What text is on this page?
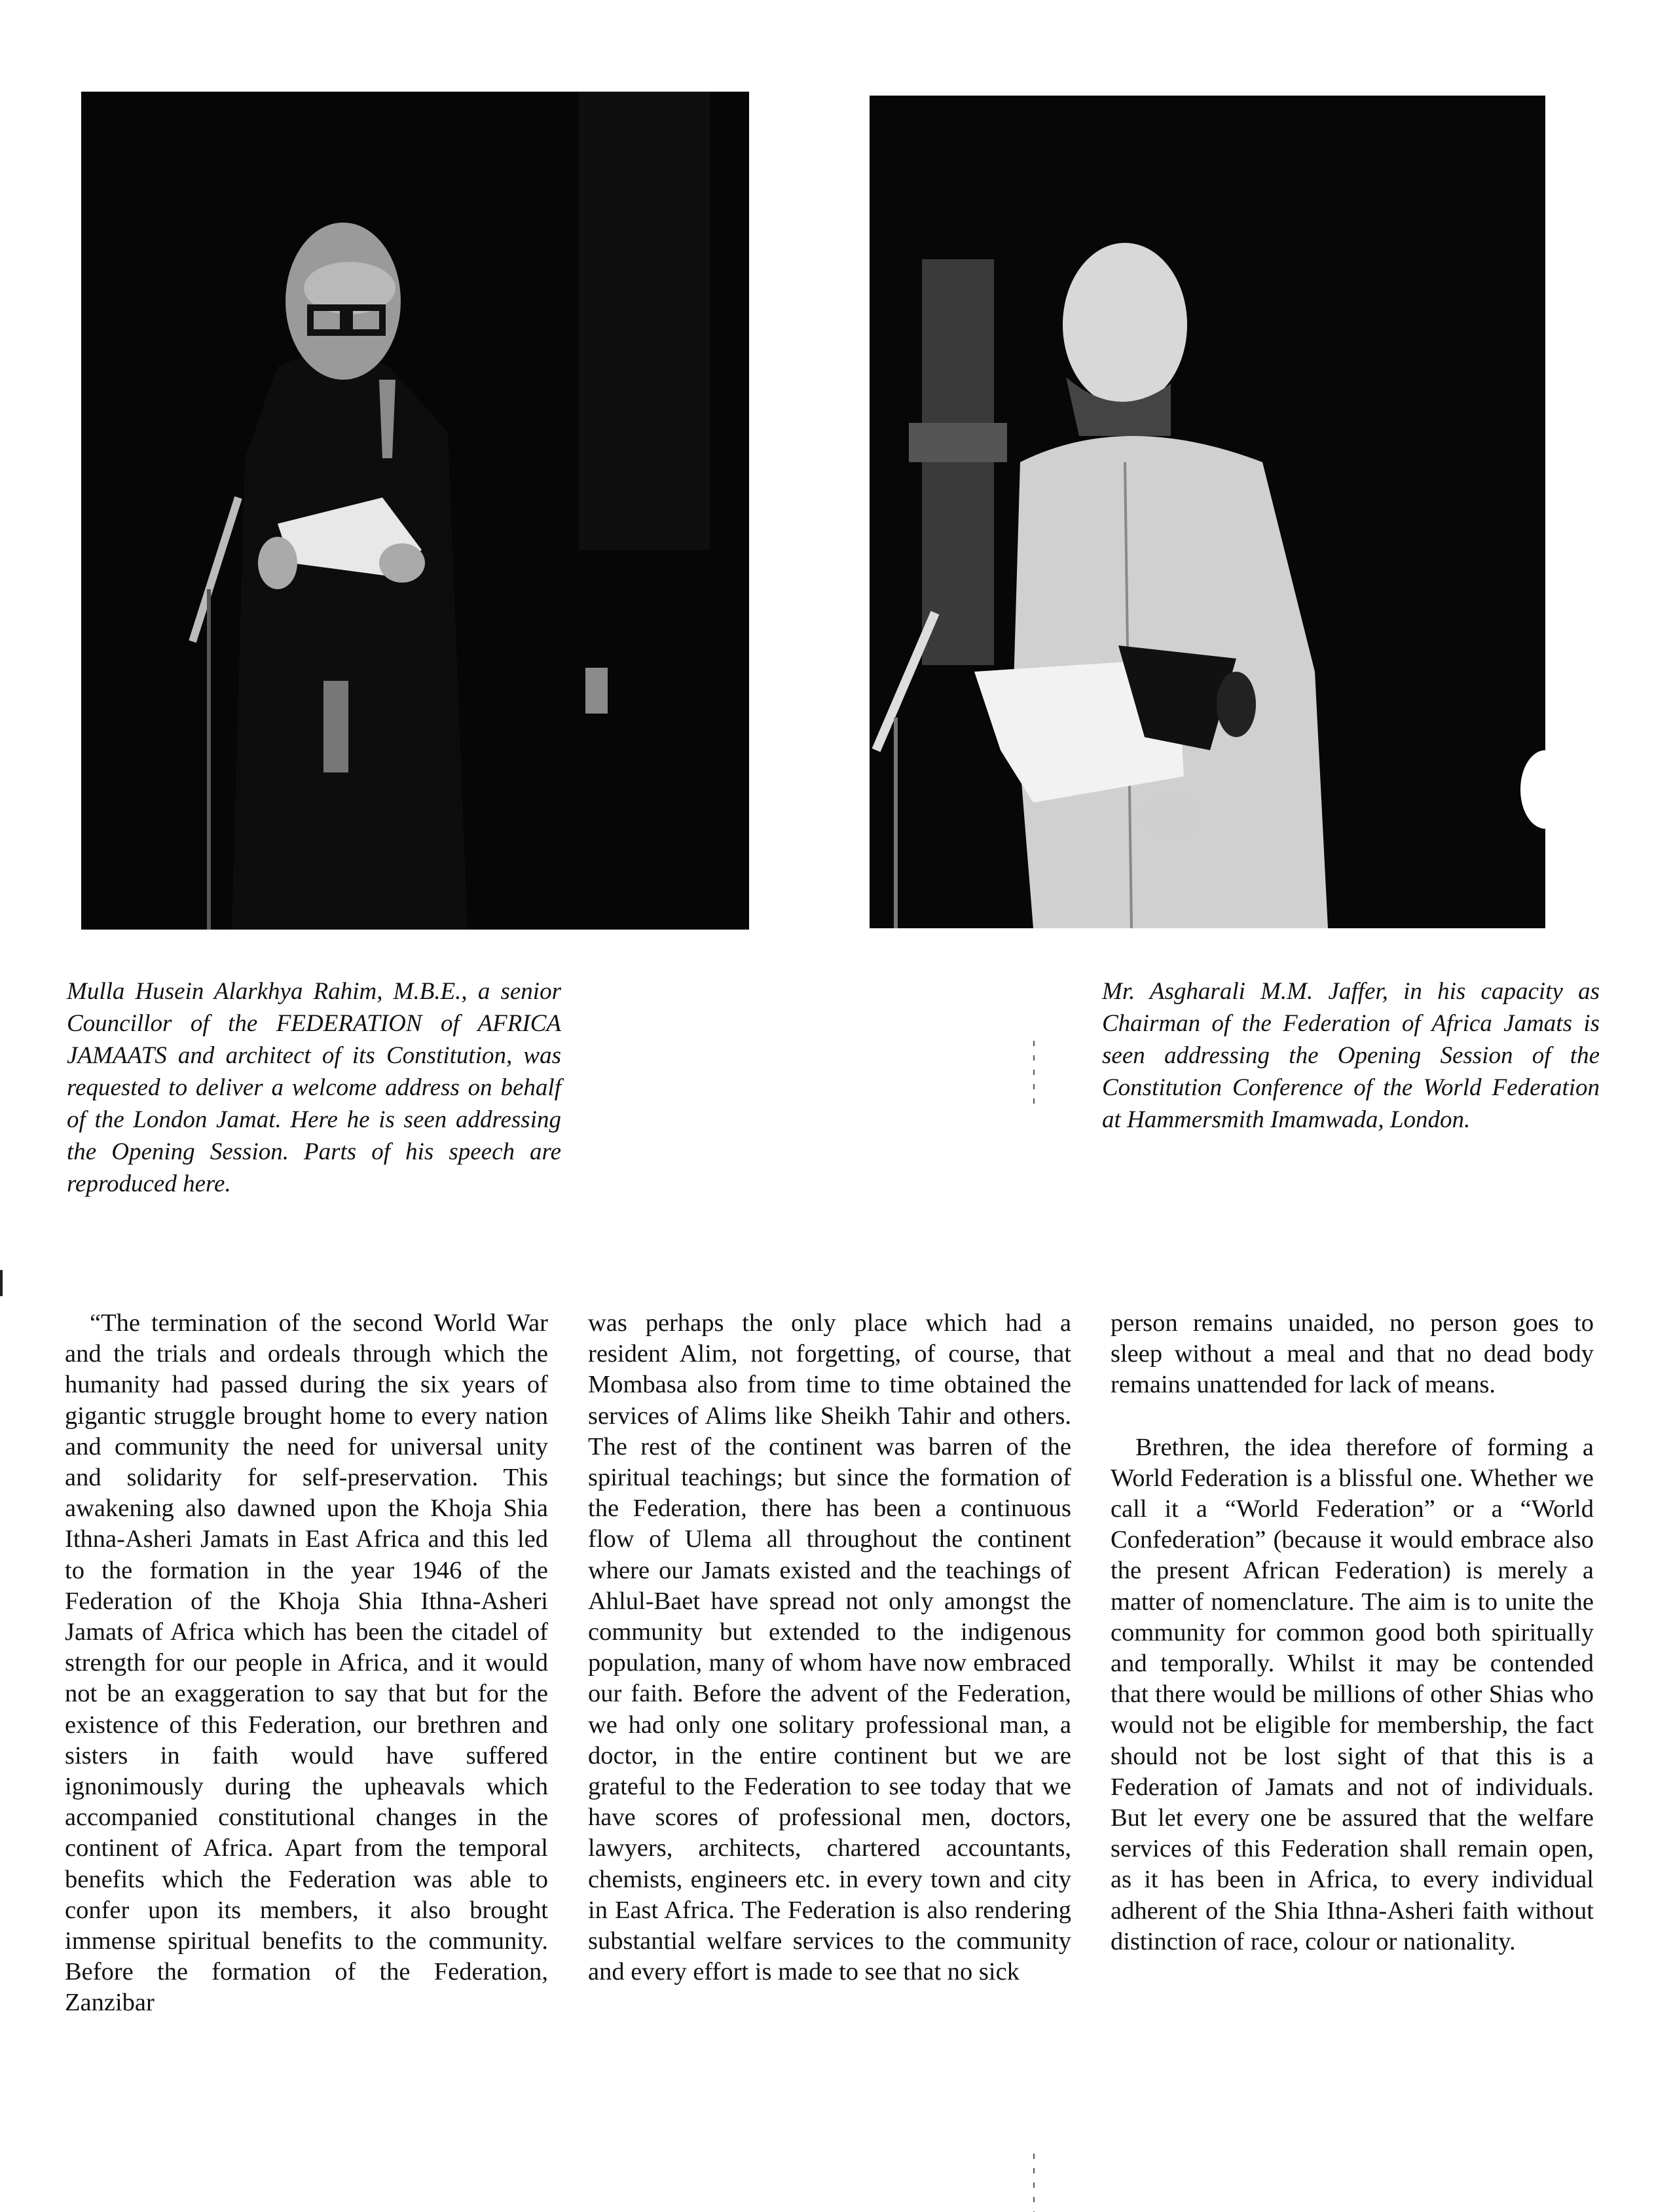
Mulla Husein Alarkhya Rahim, M.B.E., a senior Councillor of the FEDERATION of AFRICA JAMAATS and architect of its Constitution, was requested to deliver a welcome address on behalf of the London Jamat. Here he is seen addressing the Opening Session. Parts of his speech are reproduced here.
Mr. Asgharali M.M. Jaffer, in his capacity as Chairman of the Federation of Africa Jamats is seen addressing the Opening Session of the Constitution Conference of the World Federation at Hammersmith Imamwada, London.

“The termination of the second World War and the trials and ordeals through which the humanity had passed during the six years of gigantic struggle brought home to every nation and community the need for universal unity and solidarity for self-preservation. This awakening also dawned upon the Khoja Shia Ithna-Asheri Jamats in East Africa and this led to the formation in the year 1946 of the Federation of the Khoja Shia Ithna-Asheri Jamats of Africa which has been the citadel of strength for our people in Africa, and it would not be an exaggeration to say that but for the existence of this Federation, our brethren and sisters in faith would have suffered ignonimously during the upheavals which accompanied constitutional changes in the continent of Africa. Apart from the temporal benefits which the Federation was able to confer upon its members, it also brought immense spiritual benefits to the community. Before the formation of the Federation, Zanzibar

was perhaps the only place which had a resident Alim, not forgetting, of course, that Mombasa also from time to time obtained the services of Alims like Sheikh Tahir and others. The rest of the continent was barren of the spiritual teachings; but since the formation of the Federation, there has been a continuous flow of Ulema all throughout the continent where our Jamats existed and the teachings of Ahlul-Baet have spread not only amongst the community but extended to the indigenous population, many of whom have now embraced our faith. Before the advent of the Federation, we had only one solitary professional man, a doctor, in the entire continent but we are grateful to the Federation to see today that we have scores of professional men, doctors, lawyers, architects, chartered accountants, chemists, engineers etc. in every town and city in East Africa. The Federation is also rendering substantial welfare services to the community and every effort is made to see that no sick

person remains unaided, no person goes to sleep without a meal and that no dead body remains unattended for lack of means.

Brethren, the idea therefore of forming a World Federation is a blissful one. Whether we call it a “World Federation” or a “World Confederation” (because it would embrace also the present African Federation) is merely a matter of nomenclature. The aim is to unite the community for common good both spiritually and temporally. Whilst it may be contended that there would be millions of other Shias who would not be eligible for membership, the fact should not be lost sight of that this is a Federation of Jamats and not of individuals. But let every one be assured that the welfare services of this Federation shall remain open, as it has been in Africa, to every individual adherent of the Shia Ithna-Asheri faith without distinction of race, colour or nationality.
